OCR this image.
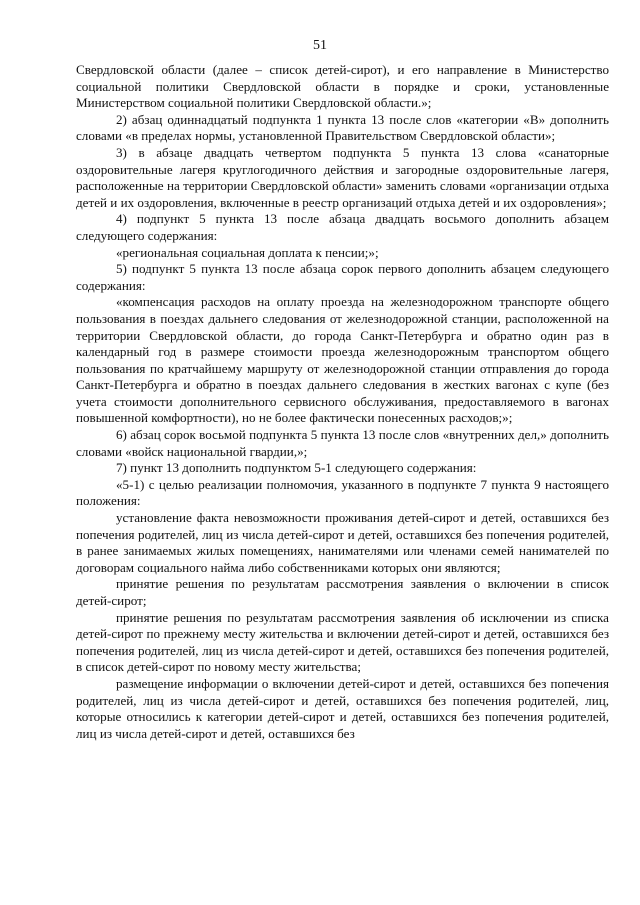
51

Свердловской области (далее – список детей-сирот), и его направление в Министерство социальной политики Свердловской области в порядке и сроки, установленные Министерством социальной политики Свердловской области.»;

2) абзац одиннадцатый подпункта 1 пункта 13 после слов «категории «В» дополнить словами «в пределах нормы, установленной Правительством Свердловской области»;

3) в абзаце двадцать четвертом подпункта 5 пункта 13 слова «санаторные оздоровительные лагеря круглогодичного действия и загородные оздоровительные лагеря, расположенные на территории Свердловской области» заменить словами «организации отдыха детей и их оздоровления, включенные в реестр организаций отдыха детей и их оздоровления»;

4) подпункт 5 пункта 13 после абзаца двадцать восьмого дополнить абзацем следующего содержания:

«региональная социальная доплата к пенсии;»;

5) подпункт 5 пункта 13 после абзаца сорок первого дополнить абзацем следующего содержания:

«компенсация расходов на оплату проезда на железнодорожном транспорте общего пользования в поездах дальнего следования от железнодорожной станции, расположенной на территории Свердловской области, до города Санкт-Петербурга и обратно один раз в календарный год в размере стоимости проезда железнодорожным транспортом общего пользования по кратчайшему маршруту от железнодорожной станции отправления до города Санкт-Петербурга и обратно в поездах дальнего следования в жестких вагонах с купе (без учета стоимости дополнительного сервисного обслуживания, предоставляемого в вагонах повышенной комфортности), но не более фактически понесенных расходов;»;

6) абзац сорок восьмой подпункта 5 пункта 13 после слов «внутренних дел,» дополнить словами «войск национальной гвардии,»;

7) пункт 13 дополнить подпунктом 5-1 следующего содержания:

«5-1) с целью реализации полномочия, указанного в подпункте 7 пункта 9 настоящего положения:

установление факта невозможности проживания детей-сирот и детей, оставшихся без попечения родителей, лиц из числа детей-сирот и детей, оставшихся без попечения родителей, в ранее занимаемых жилых помещениях, нанимателями или членами семей нанимателей по договорам социального найма либо собственниками которых они являются;

принятие решения по результатам рассмотрения заявления о включении в список детей-сирот;

принятие решения по результатам рассмотрения заявления об исключении из списка детей-сирот по прежнему месту жительства и включении детей-сирот и детей, оставшихся без попечения родителей, лиц из числа детей-сирот и детей, оставшихся без попечения родителей, в список детей-сирот по новому месту жительства;

размещение информации о включении детей-сирот и детей, оставшихся без попечения родителей, лиц из числа детей-сирот и детей, оставшихся без попечения родителей, лиц, которые относились к категории детей-сирот и детей, оставшихся без попечения родителей, лиц из числа детей-сирот и детей, оставшихся без
